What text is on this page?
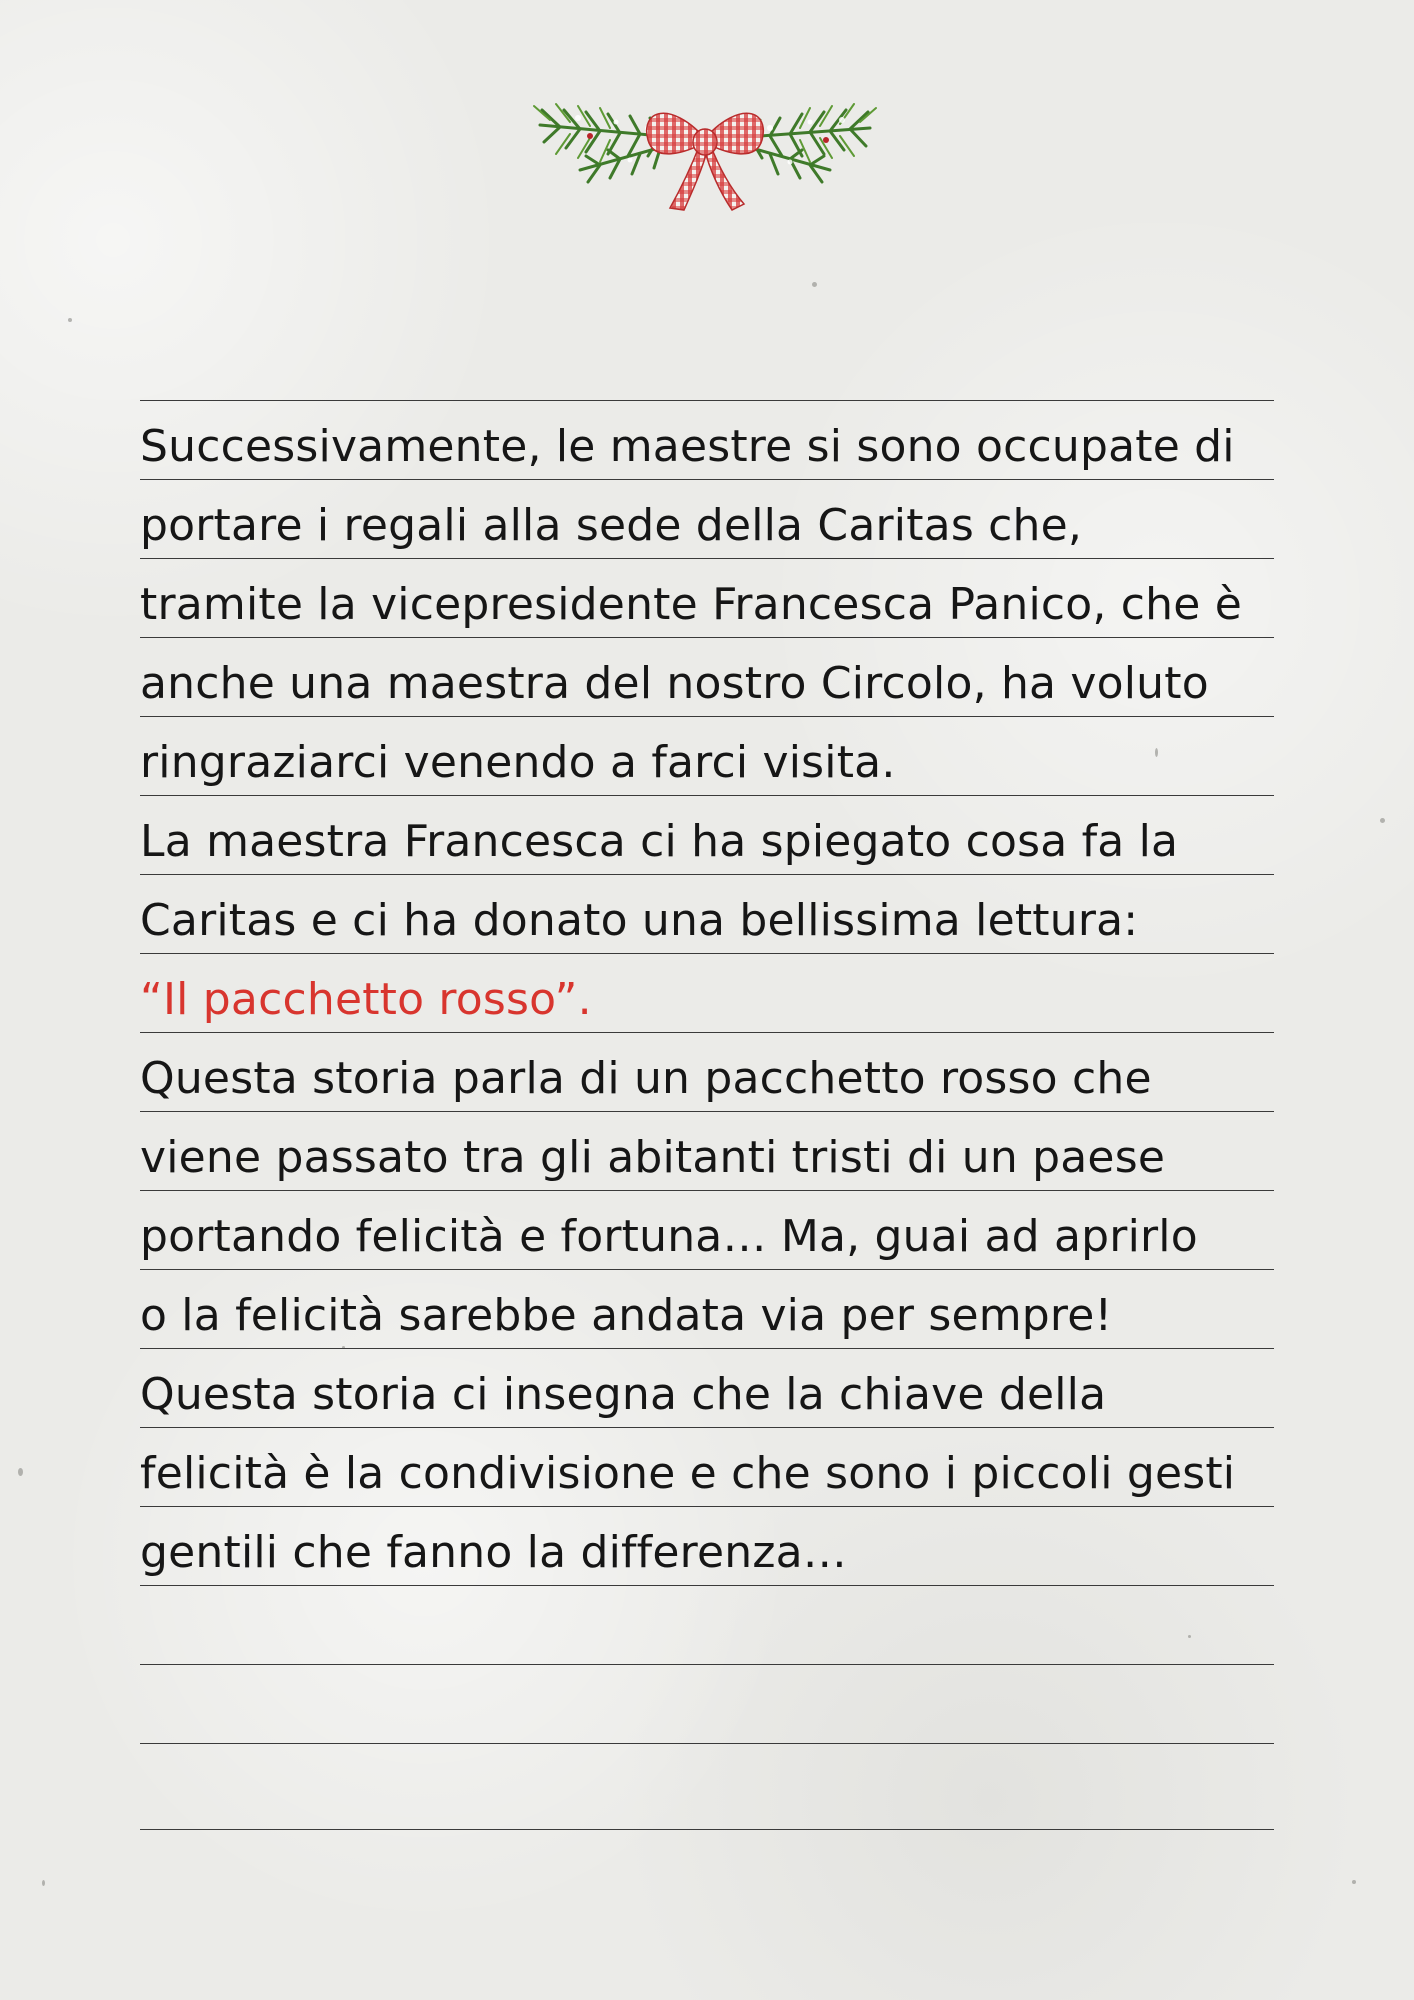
Successivamente, le maestre si sono occupate di
portare i regali alla sede della Caritas che,
tramite la vicepresidente Francesca Panico, che è
anche una maestra del nostro Circolo, ha voluto
ringraziarci venendo a farci visita.
La maestra Francesca ci ha spiegato cosa fa la
Caritas e ci ha donato una bellissima lettura:
“Il pacchetto rosso”.
Questa storia parla di un pacchetto rosso che
viene passato tra gli abitanti tristi di un paese
portando felicità e fortuna… Ma, guai ad aprirlo
o la felicità sarebbe andata via per sempre!
Questa storia ci insegna che la chiave della
felicità è la condivisione e che sono i piccoli gesti
gentili che fanno la differenza…
